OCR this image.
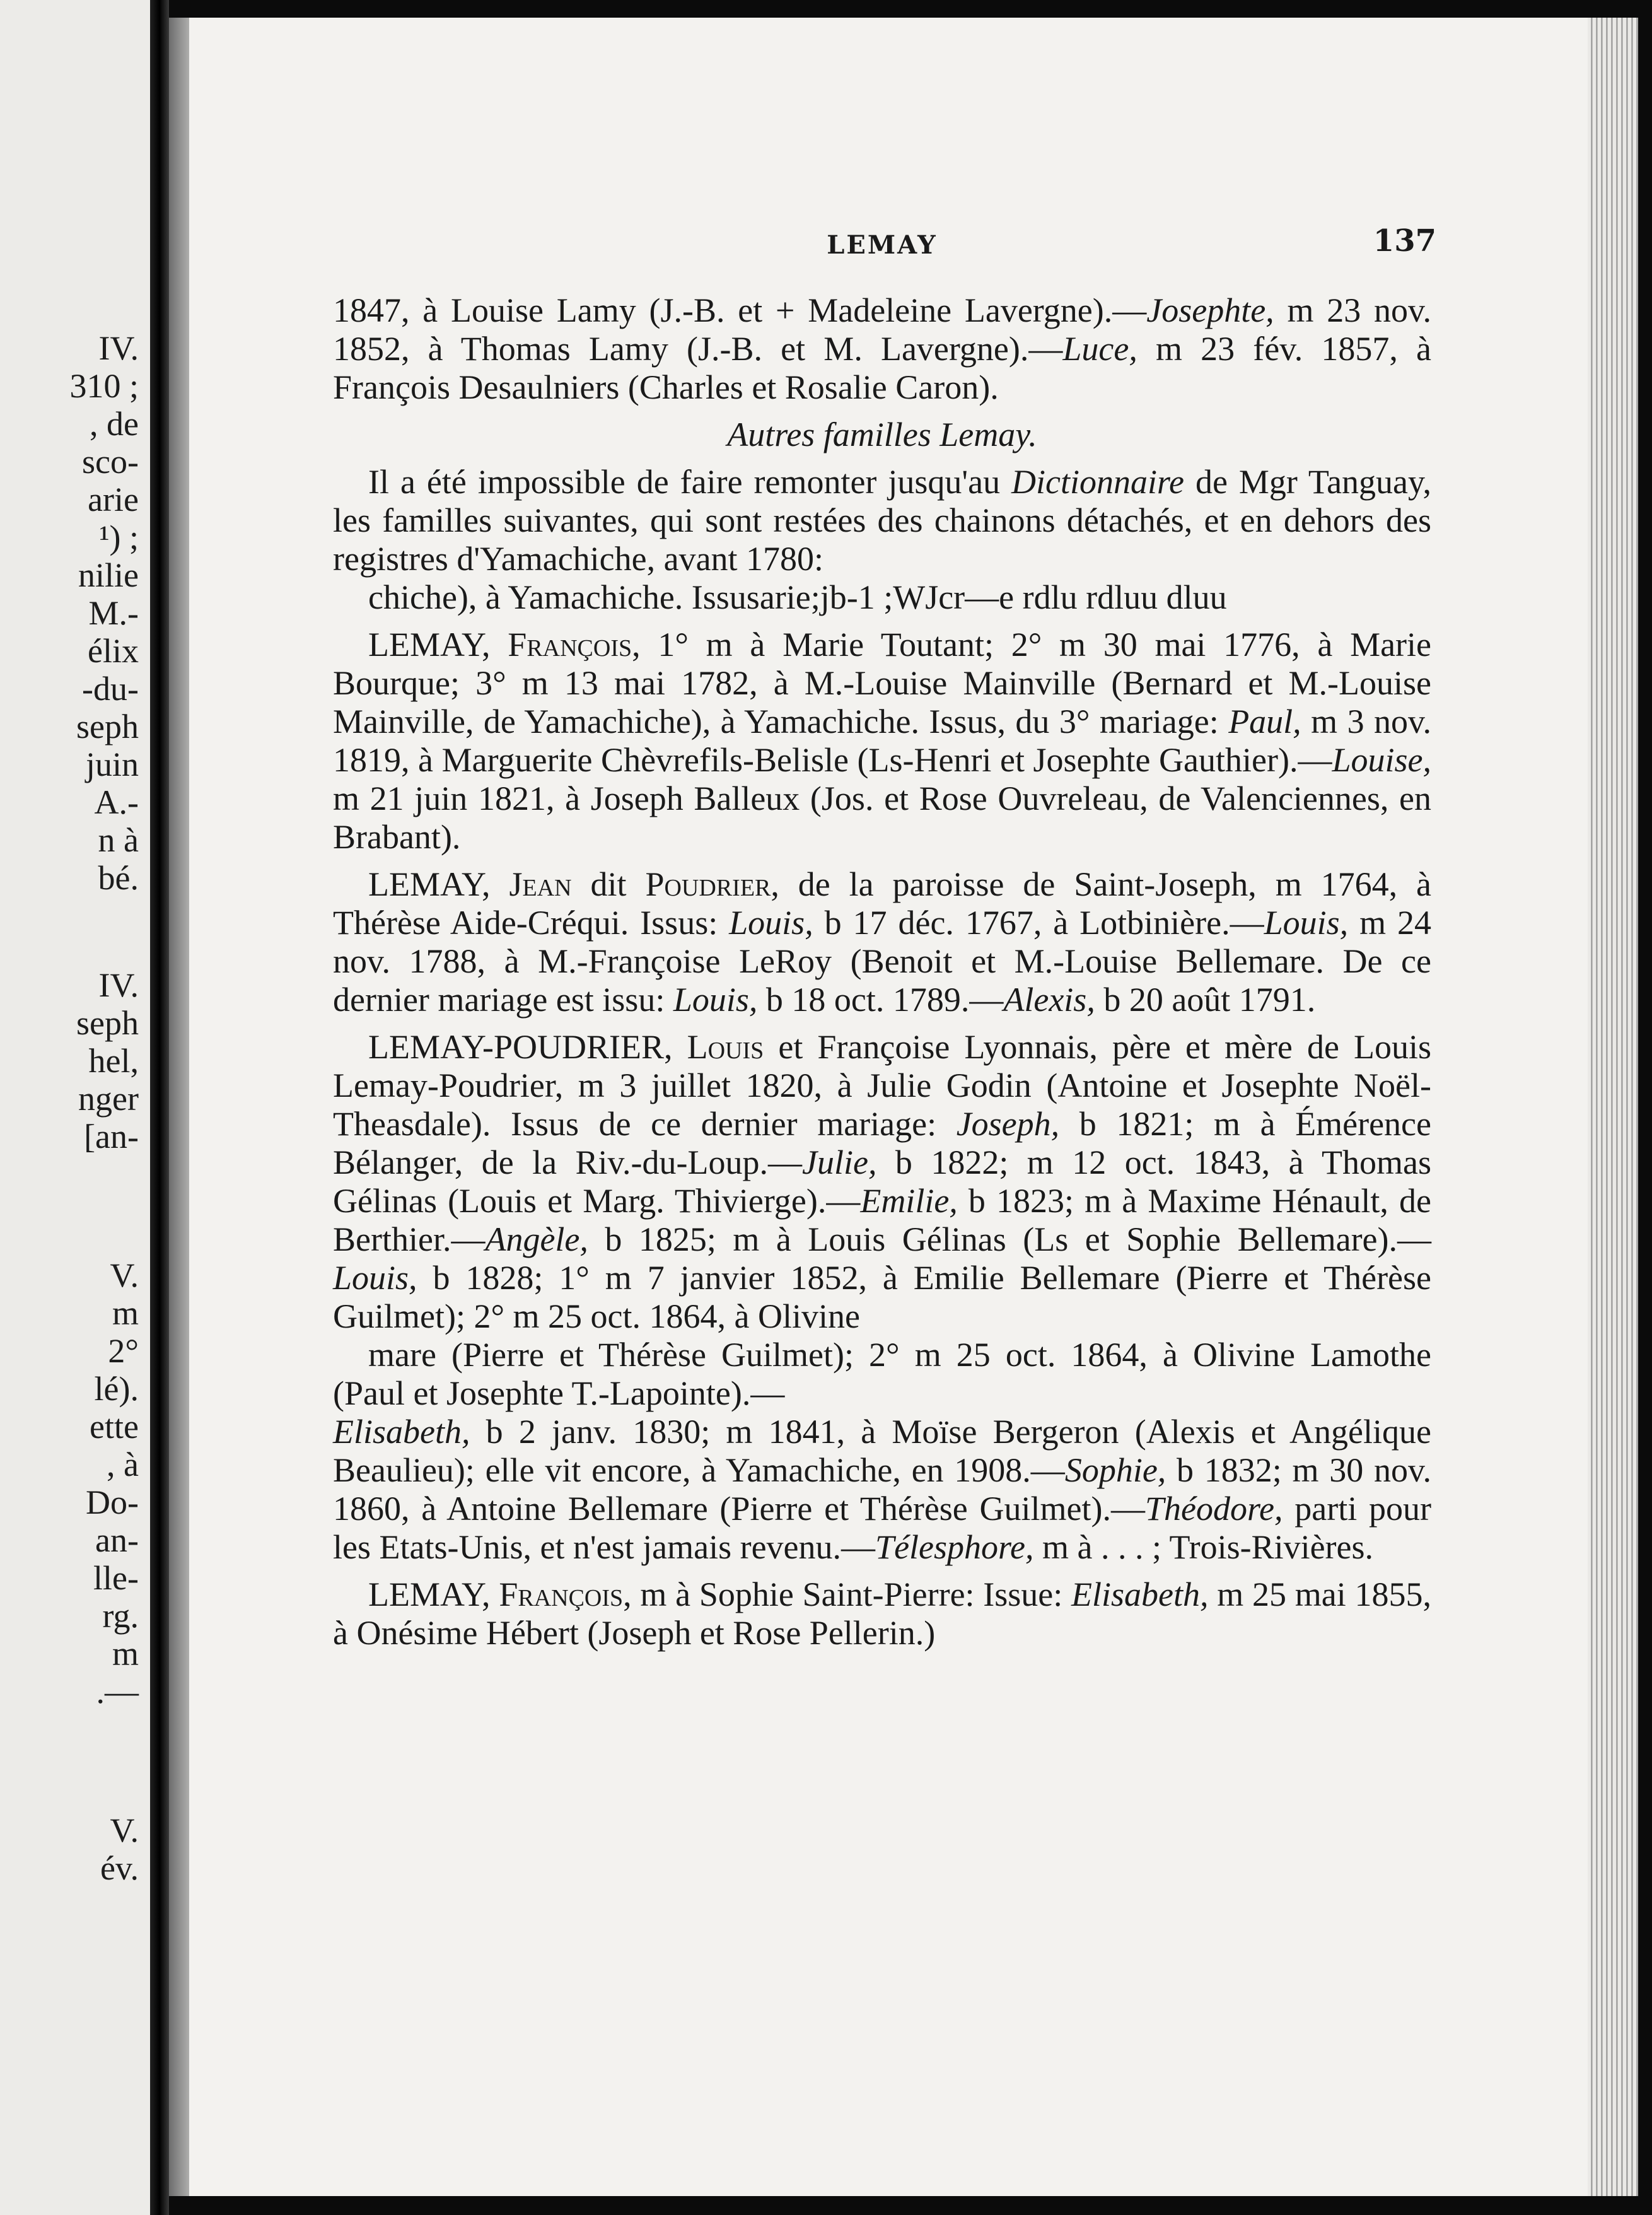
IV.
310 ;
, de
sco-
arie
¹) ;
nilie
M.-
élix
-du-
seph
juin
A.-
n à
bé.
IV.
seph
hel,
nger
[an-
V.
m
2°
lé).
ette
, à
Do-
an-
lle-
rg.
m
.—
V.
év.
LEMAY	137

1847, à Louise Lamy (J.-B. et + Madeleine Lavergne).—Josephte, m 23 nov. 1852, à Thomas Lamy (J.-B. et M. Lavergne).—Luce, m 23 fév. 1857, à François Desaulniers (Charles et Rosalie Caron).

Autres familles Lemay.

Il a été impossible de faire remonter jusqu'au Dictionnaire de Mgr Tanguay, les familles suivantes, qui sont restées des chainons détachés, et en dehors des registres d'Yamachiche, avant 1780:
chiche), à Yamachiche. Issusarie;jb-1 ;WJcr—e rdlu rdluu dluu

LEMAY, François, 1° m à Marie Toutant; 2° m 30 mai 1776, à Marie Bourque; 3° m 13 mai 1782, à M.-Louise Mainville (Bernard et M.-Louise Mainville, de Yamachiche), à Yamachiche. Issus, du 3° mariage: Paul, m 3 nov. 1819, à Marguerite Chèvrefils-Belisle (Ls-Henri et Josephte Gauthier).—Louise, m 21 juin 1821, à Joseph Balleux (Jos. et Rose Ouvreleau, de Valenciennes, en Brabant).

LEMAY, Jean dit Poudrier, de la paroisse de Saint-Joseph, m 1764, à Thérèse Aide-Créqui. Issus: Louis, b 17 déc. 1767, à Lotbinière.—Louis, m 24 nov. 1788, à M.-Françoise LeRoy (Benoit et M.-Louise Bellemare. De ce dernier mariage est issu: Louis, b 18 oct. 1789.—Alexis, b 20 août 1791.

LEMAY-POUDRIER, Louis et Françoise Lyonnais, père et mère de Louis Lemay-Poudrier, m 3 juillet 1820, à Julie Godin (Antoine et Josephte Noël-Theasdale). Issus de ce dernier mariage: Joseph, b 1821; m à Émérence Bélanger, de la Riv.-du-Loup.—Julie, b 1822; m 12 oct. 1843, à Thomas Gélinas (Louis et Marg. Thivierge).—Emilie, b 1823; m à Maxime Hénault, de Berthier.—Angèle, b 1825; m à Louis Gélinas (Ls et Sophie Bellemare).—Louis, b 1828; 1° m 7 janvier 1852, à Emilie Bellemare (Pierre et Thérèse Guilmet); 2° m 25 oct. 1864, à Olivine
mare (Pierre et Thérèse Guilmet); 2° m 25 oct. 1864, à Olivine Lamothe (Paul et Josephte T.-Lapointe).—
Elisabeth, b 2 janv. 1830; m 1841, à Moïse Bergeron (Alexis et Angélique Beaulieu); elle vit encore, à Yamachiche, en 1908.—Sophie, b 1832; m 30 nov. 1860, à Antoine Bellemare (Pierre et Thérèse Guilmet).—Théodore, parti pour les Etats-Unis, et n'est jamais revenu.—Télesphore, m à . . . ; Trois-Rivières.

LEMAY, François, m à Sophie Saint-Pierre: Issue: Elisabeth, m 25 mai 1855, à Onésime Hébert (Joseph et Rose Pellerin.)
